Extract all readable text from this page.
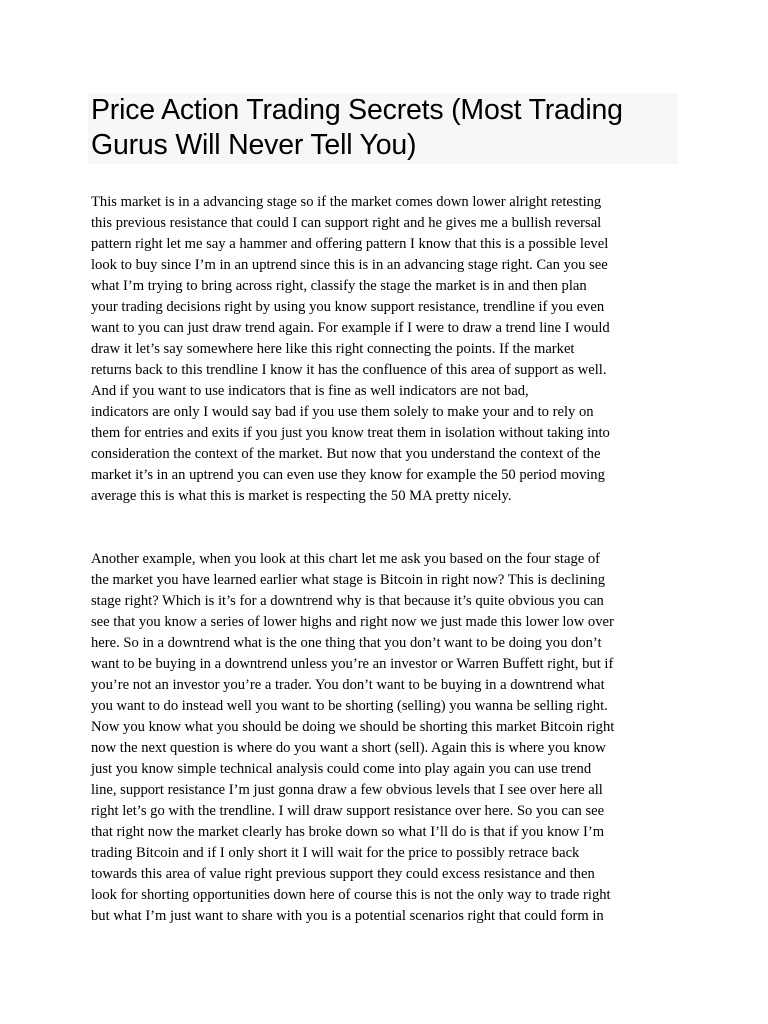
Price Action Trading Secrets (Most Trading
Gurus Will Never Tell You)

This market is in a advancing stage so if the market comes down lower alright retesting
this previous resistance that could I can support right and he gives me a bullish reversal
pattern right let me say a hammer and offering pattern I know that this is a possible level
look to buy since I’m in an uptrend since this is in an advancing stage right. Can you see
what I’m trying to bring across right, classify the stage the market is in and then plan
your trading decisions right by using you know support resistance, trendline if you even
want to you can just draw trend again. For example if I were to draw a trend line I would
draw it let’s say somewhere here like this right connecting the points. If the market
returns back to this trendline I know it has the confluence of this area of support as well.
And if you want to use indicators that is fine as well indicators are not bad,
indicators are only I would say bad if you use them solely to make your and to rely on
them for entries and exits if you just you know treat them in isolation without taking into
consideration the context of the market. But now that you understand the context of the
market it’s in an uptrend you can even use they know for example the 50 period moving
average this is what this is market is respecting the 50 MA pretty nicely.

Another example, when you look at this chart let me ask you based on the four stage of
the market you have learned earlier what stage is Bitcoin in right now? This is declining
stage right? Which is it’s for a downtrend why is that because it’s quite obvious you can
see that you know a series of lower highs and right now we just made this lower low over
here. So in a downtrend what is the one thing that you don’t want to be doing you don’t
want to be buying in a downtrend unless you’re an investor or Warren Buffett right, but if
you’re not an investor you’re a trader. You don’t want to be buying in a downtrend what
you want to do instead well you want to be shorting (selling) you wanna be selling right.
Now you know what you should be doing we should be shorting this market Bitcoin right
now the next question is where do you want a short (sell). Again this is where you know
just you know simple technical analysis could come into play again you can use trend
line, support resistance I’m just gonna draw a few obvious levels that I see over here all
right let’s go with the trendline. I will draw support resistance over here. So you can see
that right now the market clearly has broke down so what I’ll do is that if you know I’m
trading Bitcoin and if I only short it I will wait for the price to possibly retrace back
towards this area of value right previous support they could excess resistance and then
look for shorting opportunities down here of course this is not the only way to trade right
but what I’m just want to share with you is a potential scenarios right that could form in
